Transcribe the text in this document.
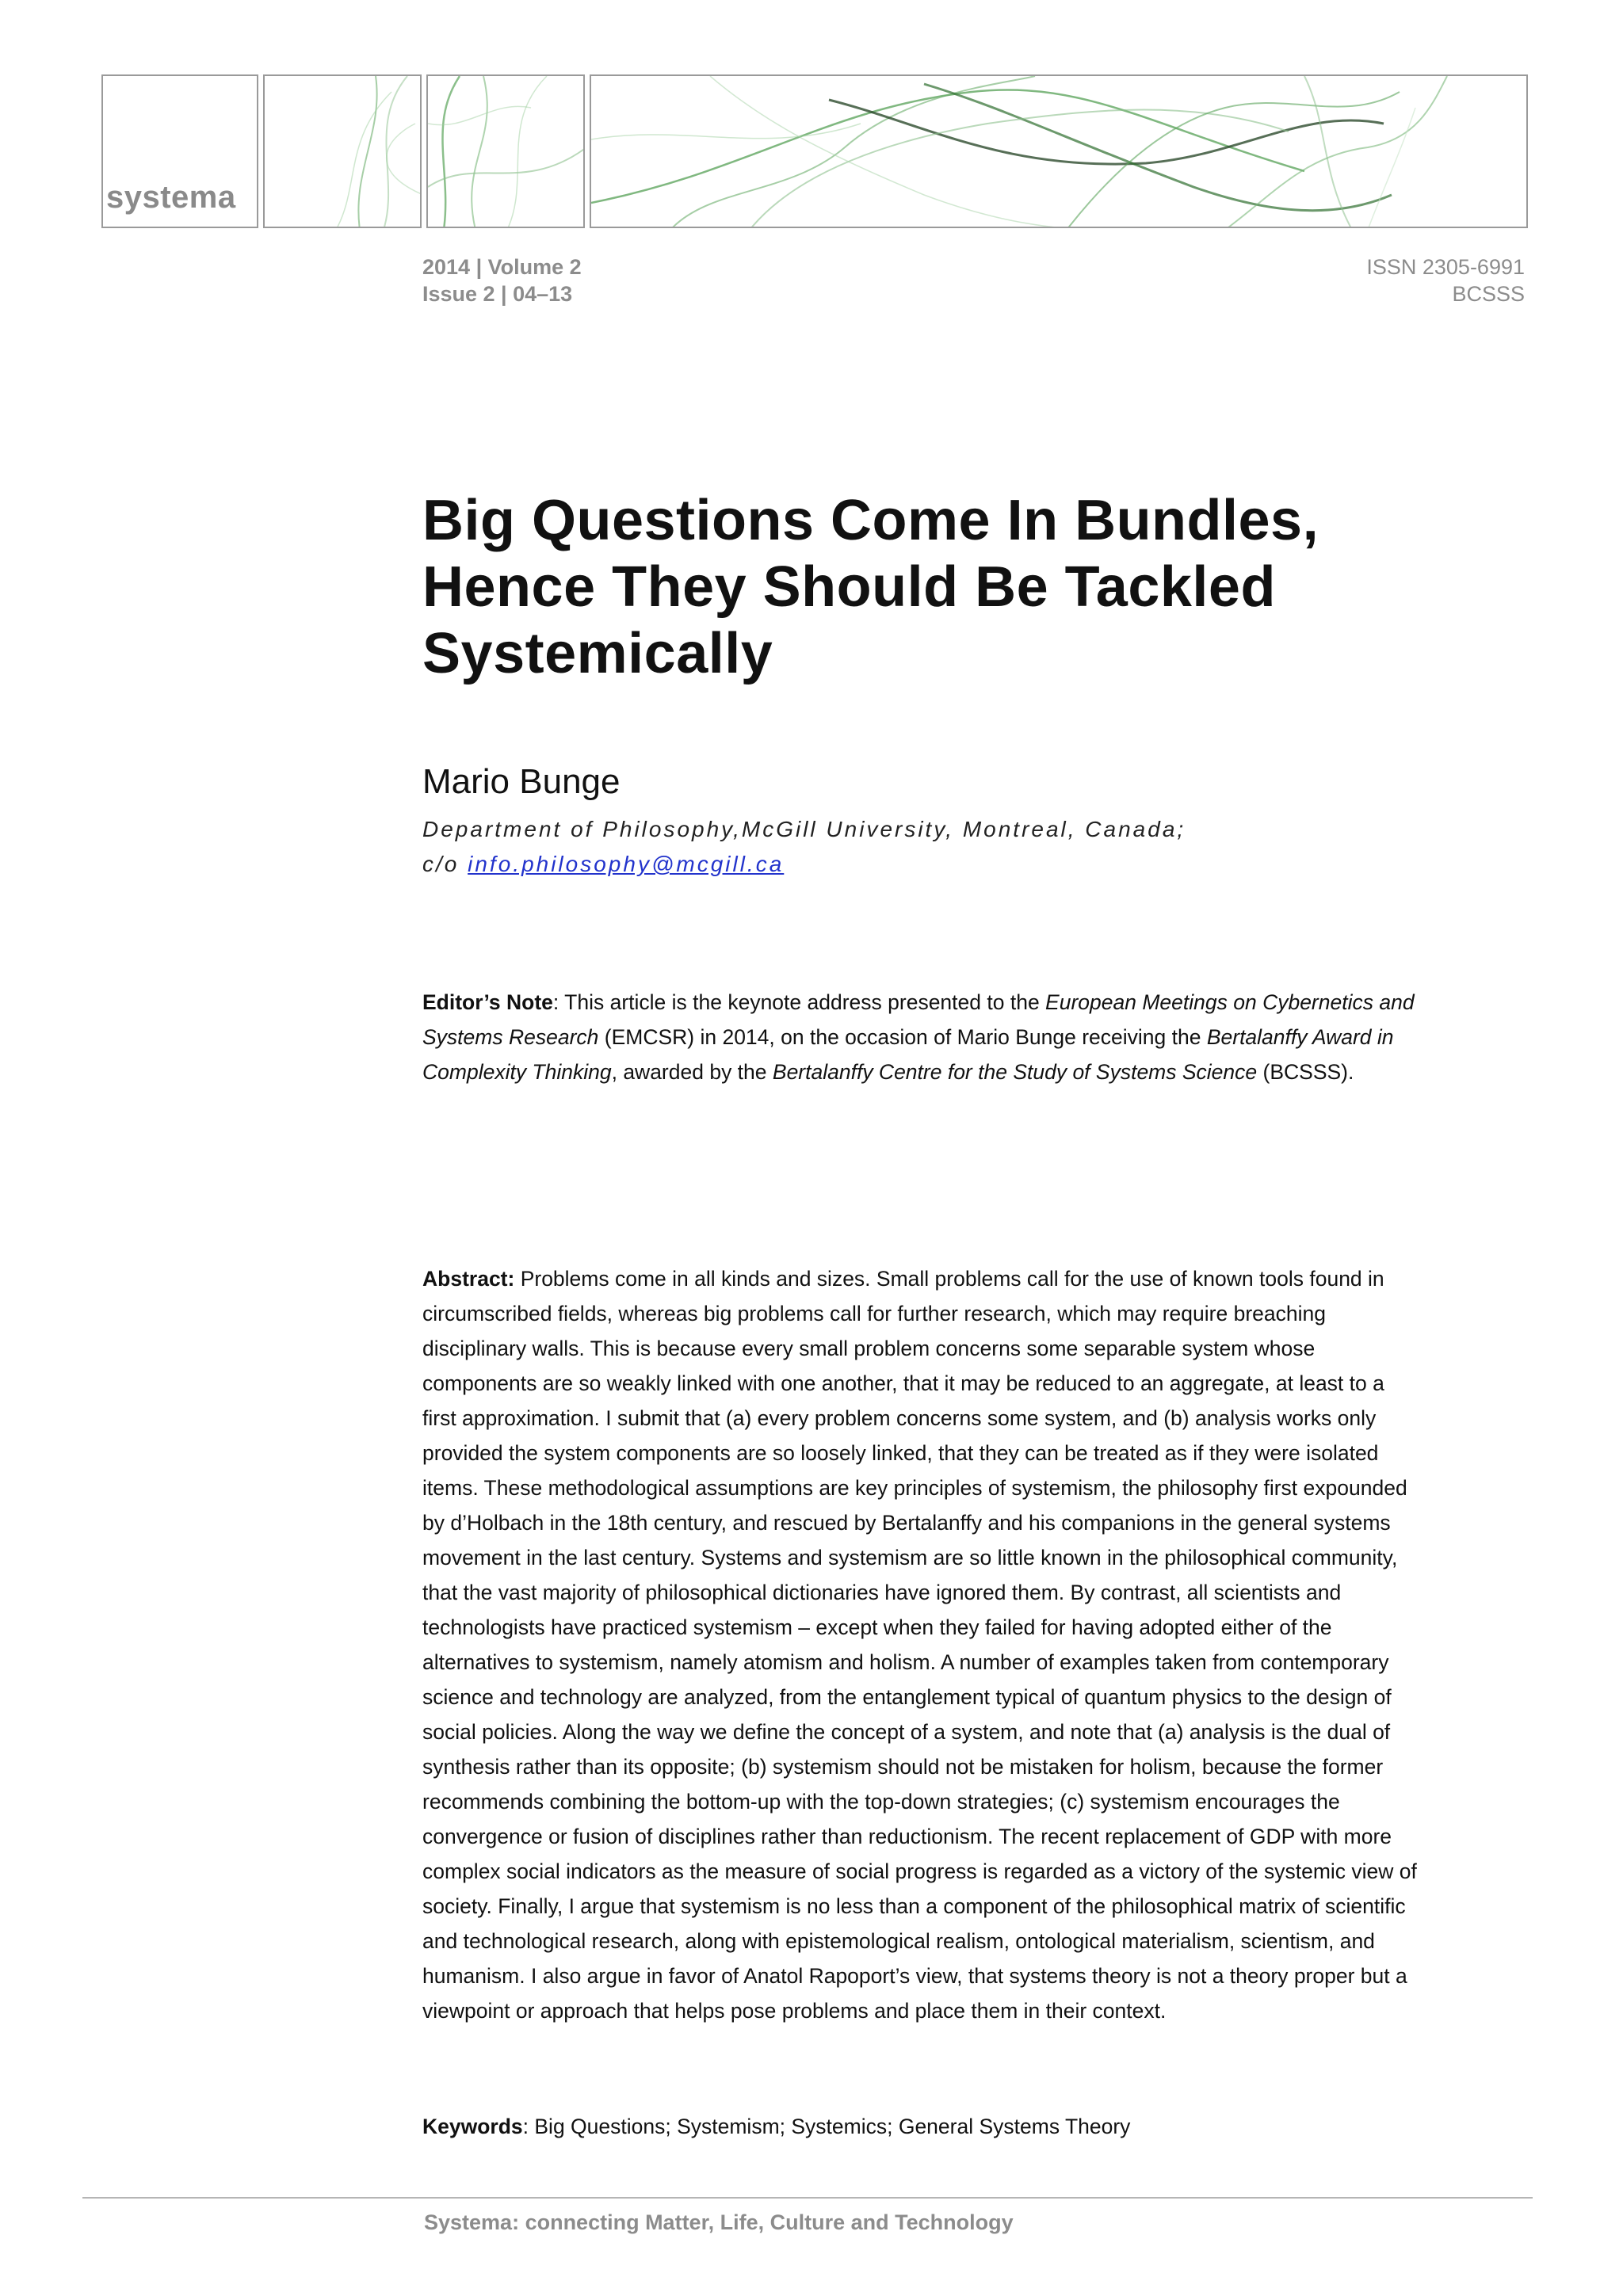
systema
2014 | Volume 2
Issue 2 | 04–13
ISSN 2305-6991
BCSSS
Big Questions Come In Bundles,
Hence They Should Be Tackled
Systemically
Mario Bunge
Department of Philosophy,McGill University, Montreal, Canada;
c/o info.philosophy@mcgill.ca
Editor’s Note: This article is the keynote address presented to the European Meetings on Cybernetics and Systems Research (EMCSR) in 2014, on the occasion of Mario Bunge receiving the Bertalanffy Award in Complexity Thinking, awarded by the Bertalanffy Centre for the Study of Systems Science (BCSSS).
Abstract: Problems come in all kinds and sizes. Small problems call for the use of known tools found in circumscribed fields, whereas big problems call for further research, which may require breaching disciplinary walls. This is because every small problem concerns some separable system whose components are so weakly linked with one another, that it may be reduced to an aggregate, at least to a first approximation. I submit that (a) every problem concerns some system, and (b) analysis works only provided the system components are so loosely linked, that they can be treated as if they were isolated items. These methodological assumptions are key principles of systemism, the philosophy first expounded by d’Holbach in the 18th century, and rescued by Bertalanffy and his companions in the general systems movement in the last century. Systems and systemism are so little known in the philosophical community, that the vast majority of philosophical dictionaries have ignored them. By contrast, all scientists and technologists have practiced systemism – except when they failed for having adopted either of the alternatives to systemism, namely atomism and holism. A number of examples taken from contemporary science and technology are analyzed, from the entanglement typical of quantum physics to the design of social policies. Along the way we define the concept of a system, and note that (a) analysis is the dual of synthesis rather than its opposite; (b) systemism should not be mistaken for holism, because the former recommends combining the bottom-up with the top-down strategies; (c) systemism encourages the convergence or fusion of disciplines rather than reductionism. The recent replacement of GDP with more complex social indicators as the measure of social progress is regarded as a victory of the systemic view of society. Finally, I argue that systemism is no less than a component of the philosophical matrix of scientific and technological research, along with epistemological realism, ontological materialism, scientism, and humanism. I also argue in favor of Anatol Rapoport’s view, that systems theory is not a theory proper but a viewpoint or approach that helps pose problems and place them in their context.
Keywords: Big Questions; Systemism; Systemics; General Systems Theory
Systema: connecting Matter, Life, Culture and Technology
